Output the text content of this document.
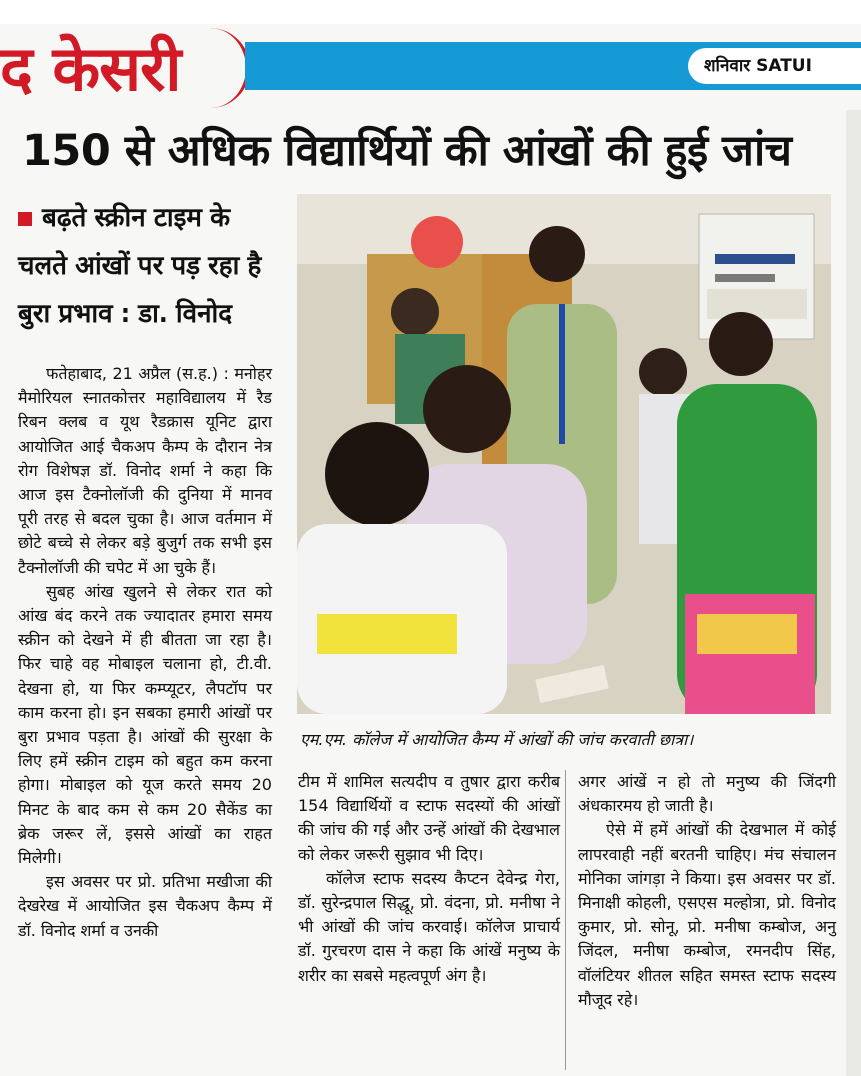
द केसरी	शनिवार SATUI
150 से अधिक विद्यार्थियों की आंखों की हुई जांच
बढ़ते स्क्रीन टाइम के चलते आंखों पर पड़ रहा है बुरा प्रभाव : डा. विनोद

फतेहाबाद, 21 अप्रैल (स.ह.) : मनोहर मैमोरियल स्नातकोत्तर महाविद्यालय में रैड रिबन क्लब व यूथ रैडक्रास यूनिट द्वारा आयोजित आई चैकअप कैम्प के दौरान नेत्र रोग विशेषज्ञ डॉ. विनोद शर्मा ने कहा कि आज इस टैक्नोलॉजी की दुनिया में मानव पूरी तरह से बदल चुका है। आज वर्तमान में छोटे बच्चे से लेकर बड़े बुजुर्ग तक सभी इस टैक्नोलॉजी की चपेट में आ चुके हैं।

सुबह आंख खुलने से लेकर रात को आंख बंद करने तक ज्यादातर हमारा समय स्क्रीन को देखने में ही बीतता जा रहा है। फिर चाहे वह मोबाइल चलाना हो, टी.वी. देखना हो, या फिर कम्प्यूटर, लैपटॉप पर काम करना हो। इन सबका हमारी आंखों पर बुरा प्रभाव पड़ता है। आंखों की सुरक्षा के लिए हमें स्क्रीन टाइम को बहुत कम करना होगा। मोबाइल को यूज करते समय 20 मिनट के बाद कम से कम 20 सैकेंड का ब्रेक जरूर लें, इससे आंखों का राहत मिलेगी।

इस अवसर पर प्रो. प्रतिभा मखीजा की देखरेख में आयोजित इस चैकअप कैम्प में डॉ. विनोद शर्मा व उनकी

एम.एम. कॉलेज में आयोजित कैम्प में आंखों की जांच करवाती छात्रा।

टीम में शामिल सत्यदीप व तुषार द्वारा करीब 154 विद्यार्थियों व स्टाफ सदस्यों की आंखों की जांच की गई और उन्हें आंखों की देखभाल को लेकर जरूरी सुझाव भी दिए।

कॉलेज स्टाफ सदस्य कैप्टन देवेन्द्र गेरा, डॉ. सुरेन्द्रपाल सिद्धू, प्रो. वंदना, प्रो. मनीषा ने भी आंखों की जांच करवाई। कॉलेज प्राचार्य डॉ. गुरचरण दास ने कहा कि आंखें मनुष्य के शरीर का सबसे महत्वपूर्ण अंग है।

अगर आंखें न हो तो मनुष्य की जिंदगी अंधकारमय हो जाती है।

ऐसे में हमें आंखों की देखभाल में कोई लापरवाही नहीं बरतनी चाहिए। मंच संचालन मोनिका जांगड़ा ने किया। इस अवसर पर डॉ. मिनाक्षी कोहली, एसएस मल्होत्रा, प्रो. विनोद कुमार, प्रो. सोनू, प्रो. मनीषा कम्बोज, अनु जिंदल, मनीषा कम्बोज, रमनदीप सिंह, वॉलंटियर शीतल सहित समस्त स्टाफ सदस्य मौजूद रहे।
